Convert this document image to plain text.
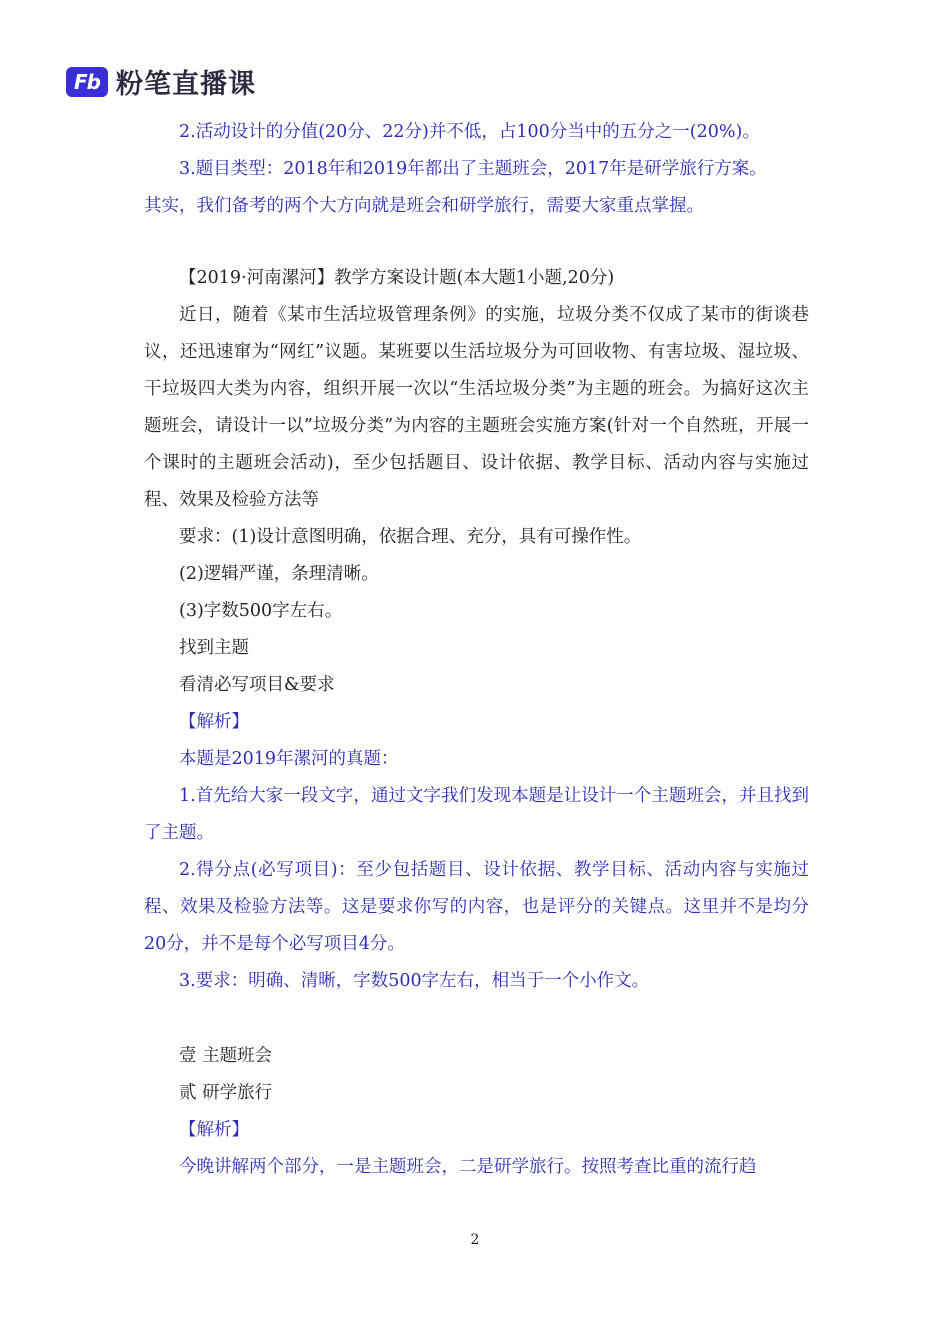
Fb 粉笔直播课

2.活动设计的分值(20分、22分)并不低，占100分当中的五分之一(20%)。

3.题目类型：2018年和2019年都出了主题班会，2017年是研学旅行方案。

其实，我们备考的两个大方向就是班会和研学旅行，需要大家重点掌握。

【2019·河南漯河】教学方案设计题(本大题1小题,20分)

近日，随着《某市生活垃圾管理条例》的实施，垃圾分类不仅成了某市的街谈巷议，还迅速窜为“网红”议题。某班要以生活垃圾分为可回收物、有害垃圾、湿垃圾、干垃圾四大类为内容，组织开展一次以“生活垃圾分类”为主题的班会。为搞好这次主题班会，请设计一以”垃圾分类”为内容的主题班会实施方案(针对一个自然班，开展一个课时的主题班会活动)，至少包括题目、设计依据、教学目标、活动内容与实施过程、效果及检验方法等

要求：(1)设计意图明确，依据合理、充分，具有可操作性。

(2)逻辑严谨，条理清晰。

(3)字数500字左右。

找到主题

看清必写项目&要求

【解析】

本题是2019年漯河的真题：

1.首先给大家一段文字，通过文字我们发现本题是让设计一个主题班会，并且找到了主题。

2.得分点(必写项目)：至少包括题目、设计依据、教学目标、活动内容与实施过程、效果及检验方法等。这是要求你写的内容，也是评分的关键点。这里并不是均分20分，并不是每个必写项目4分。

3.要求：明确、清晰，字数500字左右，相当于一个小作文。

壹 主题班会

贰 研学旅行

【解析】

今晚讲解两个部分，一是主题班会，二是研学旅行。按照考查比重的流行趋

2
